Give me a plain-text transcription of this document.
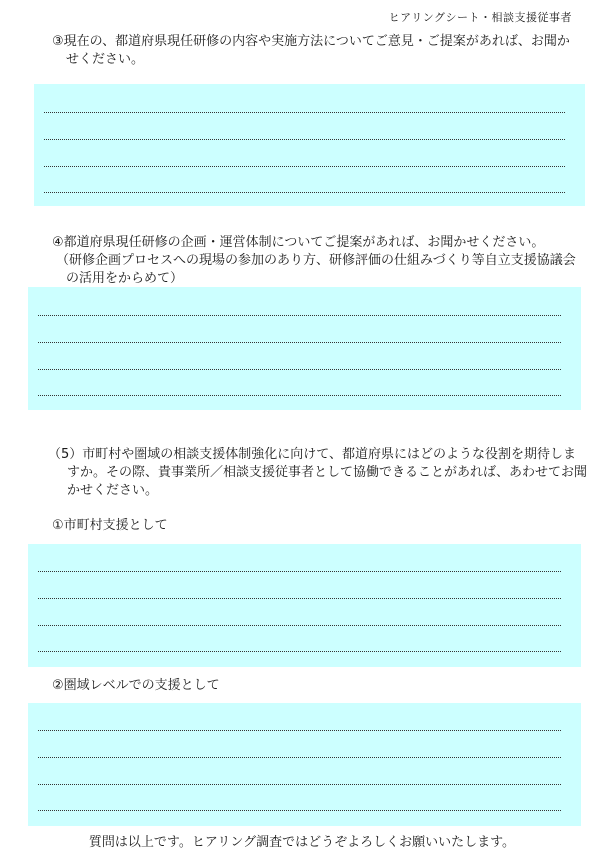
ヒアリングシート・相談支援従事者
③現在の、都道府県現任研修の内容や実施方法についてご意見・ご提案があれば、お聞か
せください。
④都道府県現任研修の企画・運営体制についてご提案があれば、お聞かせください。
（研修企画プロセスへの現場の参加のあり方、研修評価の仕組みづくり等自立支援協議会
の活用をからめて）
（5）市町村や圏域の相談支援体制強化に向けて、都道府県にはどのような役割を期待しま
すか。その際、貴事業所／相談支援従事者として協働できることがあれば、あわせてお聞
かせください。
①市町村支援として
②圏域レベルでの支援として
質問は以上です。ヒアリング調査ではどうぞよろしくお願いいたします。
